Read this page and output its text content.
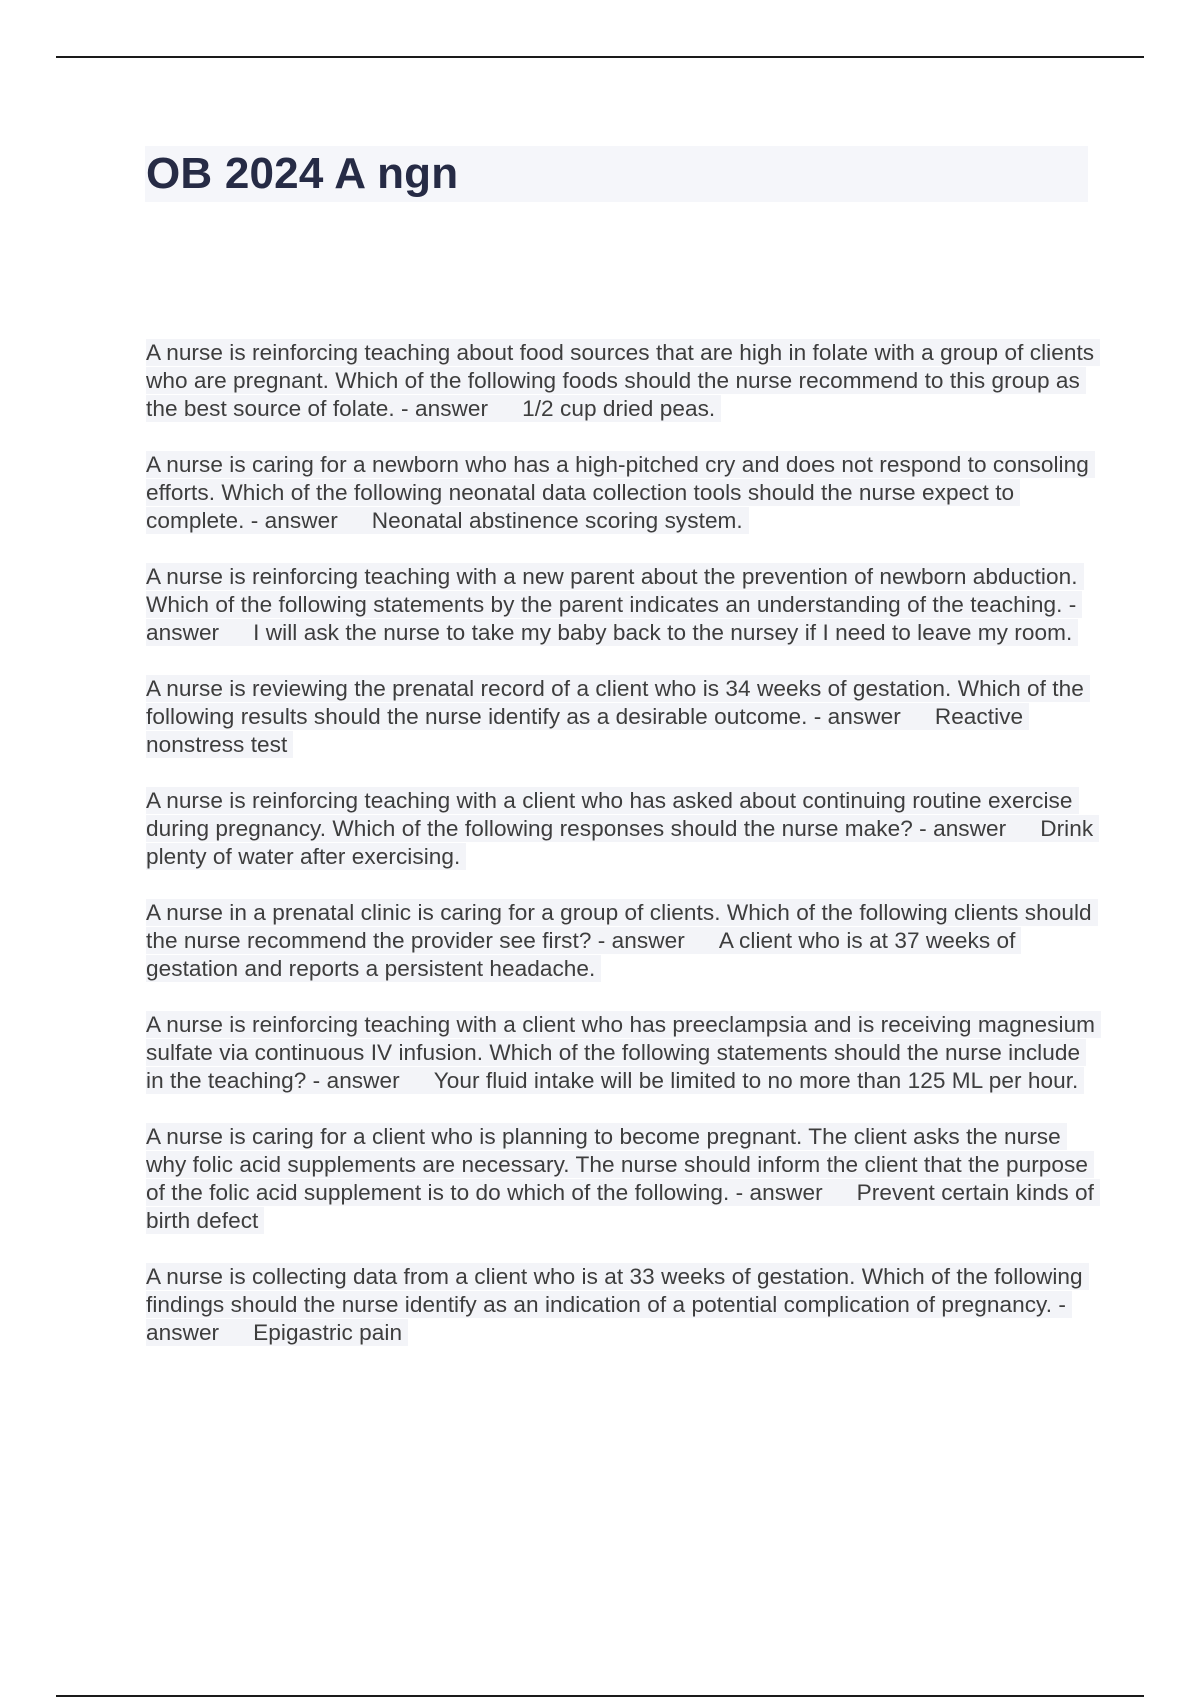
OB 2024 A ngn
A nurse is reinforcing teaching about food sources that are high in folate with a group of clients who are pregnant. Which of the following foods should the nurse recommend to this group as the best source of folate. - answer 1/2 cup dried peas.
A nurse is caring for a newborn who has a high-pitched cry and does not respond to consoling efforts. Which of the following neonatal data collection tools should the nurse expect to complete. - answer Neonatal abstinence scoring system.
A nurse is reinforcing teaching with a new parent about the prevention of newborn abduction. Which of the following statements by the parent indicates an understanding of the teaching. - answer I will ask the nurse to take my baby back to the nursey if I need to leave my room.
A nurse is reviewing the prenatal record of a client who is 34 weeks of gestation. Which of the following results should the nurse identify as a desirable outcome. - answer Reactive nonstress test
A nurse is reinforcing teaching with a client who has asked about continuing routine exercise during pregnancy. Which of the following responses should the nurse make? - answer Drink plenty of water after exercising.
A nurse in a prenatal clinic is caring for a group of clients. Which of the following clients should the nurse recommend the provider see first? - answer A client who is at 37 weeks of gestation and reports a persistent headache.
A nurse is reinforcing teaching with a client who has preeclampsia and is receiving magnesium sulfate via continuous IV infusion. Which of the following statements should the nurse include in the teaching? - answer Your fluid intake will be limited to no more than 125 ML per hour.
A nurse is caring for a client who is planning to become pregnant. The client asks the nurse why folic acid supplements are necessary. The nurse should inform the client that the purpose of the folic acid supplement is to do which of the following. - answer Prevent certain kinds of birth defect
A nurse is collecting data from a client who is at 33 weeks of gestation. Which of the following findings should the nurse identify as an indication of a potential complication of pregnancy. - answer Epigastric pain
